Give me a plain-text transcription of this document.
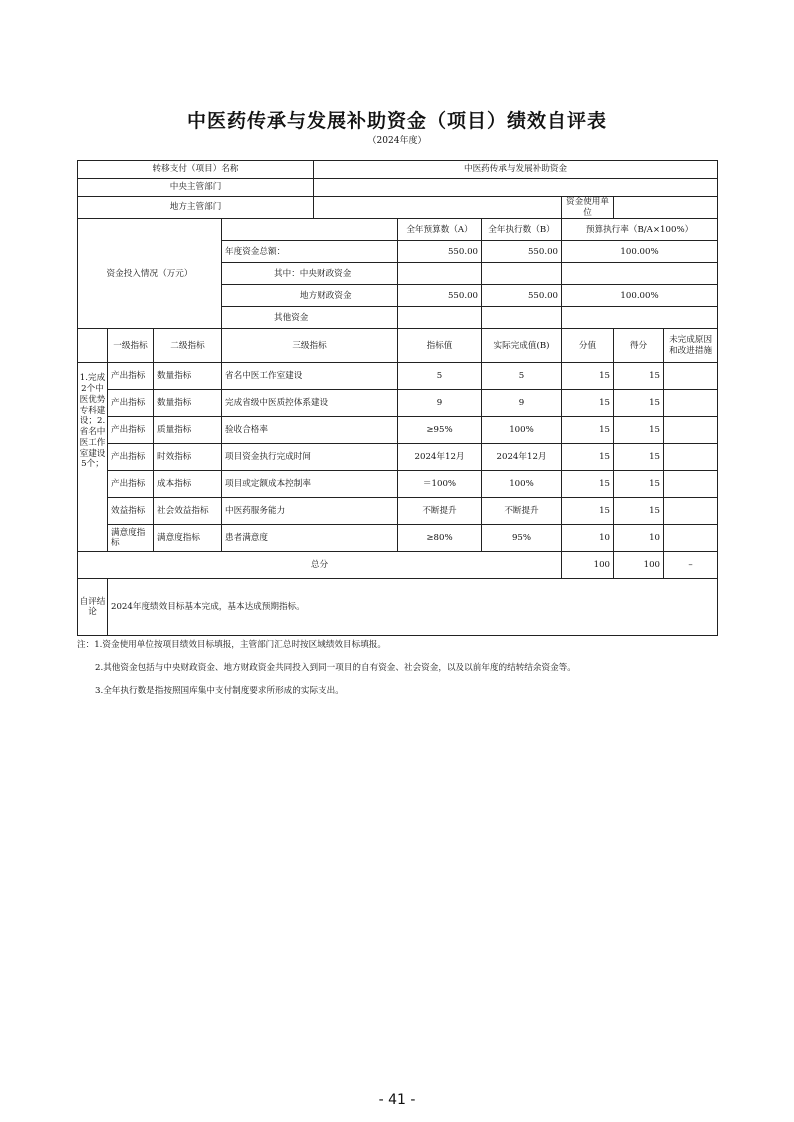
中医药传承与发展补助资金（项目）绩效自评表
（2024年度）
转移支付（项目）名称				中医药传承与发展补助资金					
中央主管部门									
地方主管部门							资金使用单位		
资金投入情况（万元）					全年预算数（A）	全年执行数（B）	预算执行率（B/A×100%）		
			年度资金总额：		550.00	550.00	100.00%		
			其中：中央财政资金						
			地方财政资金		550.00	550.00	100.00%		
			其他资金						
	一级指标	二级指标	三级指标		指标值	实际完成值(B)	分值	得分	未完成原因和改进措施
1.完成2个中医优势专科建设；2.省名中医工作室建设5个；	产出指标	数量指标	省名中医工作室建设		5	5	15	15	
	产出指标	数量指标	完成省级中医质控体系建设		9	9	15	15	
	产出指标	质量指标	验收合格率		≥95%	100%	15	15	
	产出指标	时效指标	项目资金执行完成时间		2024年12月	2024年12月	15	15	
	产出指标	成本指标	项目或定额成本控制率		＝100%	100%	15	15	
	效益指标	社会效益指标	中医药服务能力		不断提升	不断提升	15	15	
	满意度指标	满意度指标	患者满意度		≥80%	95%	10	10	
总分							100	100	–
自评结论	2024年度绩效目标基本完成，基本达成预期指标。								

注：1.资金使用单位按项目绩效目标填报，主管部门汇总时按区域绩效目标填报。

2.其他资金包括与中央财政资金、地方财政资金共同投入到同一项目的自有资金、社会资金，以及以前年度的结转结余资金等。

3.全年执行数是指按照国库集中支付制度要求所形成的实际支出。

- 41 -
